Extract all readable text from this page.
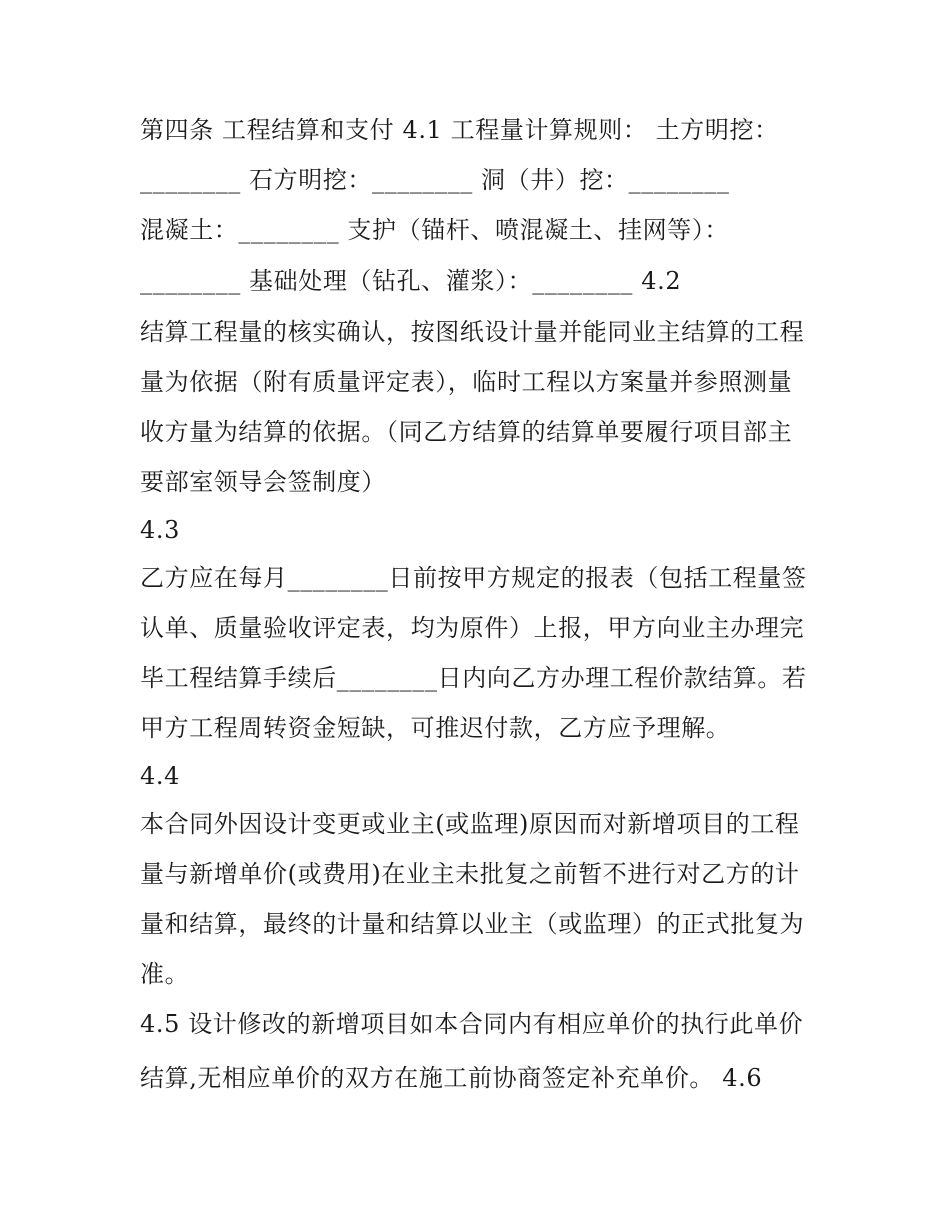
第四条 工程结算和支付 4.1 工程量计算规则： 土方明挖：
________ 石方明挖：________ 洞（井）挖：________
混凝土：________ 支护（锚杆、喷混凝土、挂网等）：
________ 基础处理（钻孔、灌浆）：________ 4.2
结算工程量的核实确认，按图纸设计量并能同业主结算的工程
量为依据（附有质量评定表），临时工程以方案量并参照测量
收方量为结算的依据。（同乙方结算的结算单要履行项目部主
要部室领导会签制度）
4.3
乙方应在每月________日前按甲方规定的报表（包括工程量签
认单、质量验收评定表，均为原件）上报，甲方向业主办理完
毕工程结算手续后________日内向乙方办理工程价款结算。若
甲方工程周转资金短缺，可推迟付款，乙方应予理解。
4.4
本合同外因设计变更或业主(或监理)原因而对新增项目的工程
量与新增单价(或费用)在业主未批复之前暂不进行对乙方的计
量和结算，最终的计量和结算以业主（或监理）的正式批复为
准。
4.5 设计修改的新增项目如本合同内有相应单价的执行此单价
结算,无相应单价的双方在施工前协商签定补充单价。 4.6
